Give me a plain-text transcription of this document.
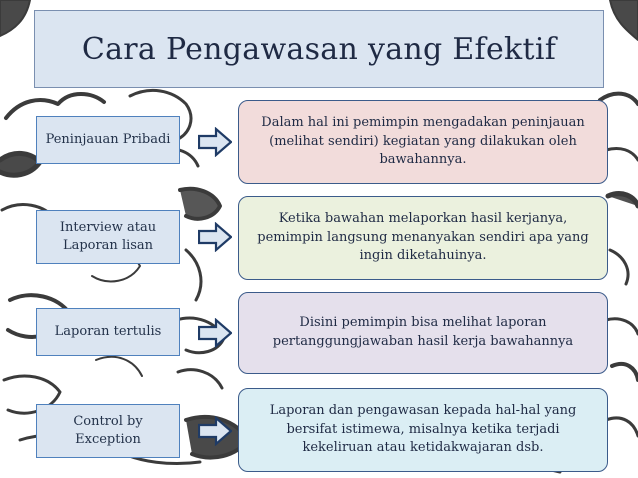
Cara Pengawasan yang Efektif
Peninjauan Pribadi
Dalam hal ini pemimpin mengadakan peninjauan (melihat sendiri) kegiatan yang dilakukan oleh bawahannya.
Interview atau Laporan lisan
Ketika bawahan melaporkan hasil kerjanya, pemimpin langsung menanyakan sendiri apa yang ingin diketahuinya.
Laporan tertulis
Disini pemimpin bisa melihat laporan pertanggungjawaban hasil kerja bawahannya
Control by Exception
Laporan dan pengawasan kepada hal-hal yang bersifat istimewa, misalnya ketika terjadi kekeliruan atau ketidakwajaran dsb.
